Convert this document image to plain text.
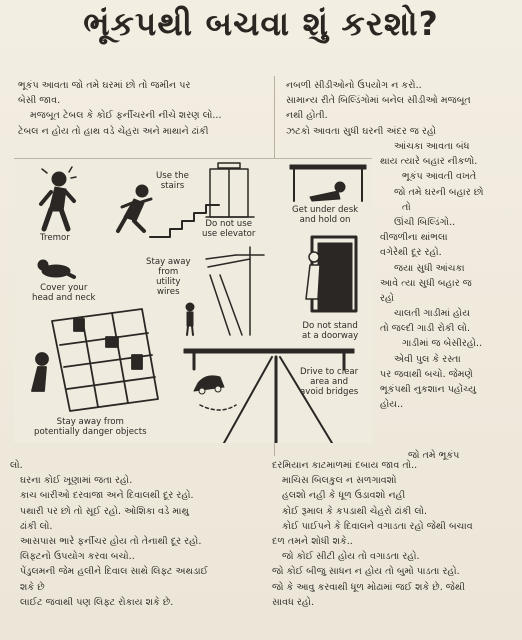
ભૂંકપથી બચવા શું કરશો?
ભૂકંપ આવતા જો તમે ઘરમાં છો તો જમીન પર
બેસી જાવ.
મજબૂત ટેબલ કે કોઈ ફર્નીચરની નીચે શરણ લો...
ટેબલ ન હોય તો હાથ વડે ચેહરા અને માથાને ઢાંકી
નબળી સીડીઓનો ઉપયોગ ન કરો..
સામાન્ય રીતે બિલ્ડિંગોમાં બનેલ સીડીઓ મજબૂત
નથી હોતી.
ઝટકો આવતા સુધી ઘરની અંદર જ રહો
આંચકા આવતા બંધ
થાય ત્યારે બહાર નીકળો.
ભૂકંપ આવતી વખતે
જો તમે ઘરની બહાર છો
તો
ઊંચી બિલ્ડિંગો..
વીજળીના થાંભલા
વગેરેથી દૂર રહો.
જયા સુધી આંચકા
આવે ત્યા સુધી બહાર જ
રહો
ચાલતી ગાડીમાં હોય
તો જલ્દી ગાડી રોકી લો.
ગાડીમાં જ બેસીરહો..
એવી પુલ કે રસ્તા
પર જવાથી બચો. જેમણે
ભૂકંપથી નુકશાન પહોંચ્યુ
હોય..
જો તમે ભૂકંપ
Tremor
Use the
stairs
Do not use
use elevator
Get under desk
and hold on
Stay away
from
utility
wires
Cover your
head and neck
Do not stand
at a doorway
Drive to clear
area and
avoid bridges
Stay away from
potentially danger objects
લો.
ઘરના કોઈ ખૂણામાં જતા રહો.
કાચ બારીઓ દરવાજા અને દિવાલથી દૂર રહો.
પથારી પર છો તો સૂઈ રહો. ઓશિકા વડે માથુ
ઢાંકી લો.
આસપાસ ભારે ફર્નીચર હોય તો તેનાથી દૂર રહો.
લિફ્ટનો ઉપયોગ કરવા બચો..
પેંડુલમની જેમ હલીને દિવાલ સાથે લિફ્ટ અથડાઈ
શકે છે
લાઈટ જવાથી પણ લિફ્ટ રોકાય શકે છે.
દરમિયાન કાટમાળમાં દબાય જાવ તો..
માચિસ બિલકુલ ન સળગાવશો
હલશો નહી કે ધૂળ ઉડાવશો નહી
કોઈ રૂમાલ કે કપડાથી ચેહરો ઢાંકી લો.
કોઈ પાઈપને કે દિવાલને વગાડતા રહો જેથી બચાવ
દળ તમને શોધી શકે..
જો કોઈ સીટી હોય તો વગાડતા રહો.
જો કોઈ બીજુ સાધન ન હોય તો બુમો પાડતા રહો.
જો કે આવુ કરવાથી ધૂળ મોઢામાં જઈ શકે છે. જેથી
સાવધ રહો.
